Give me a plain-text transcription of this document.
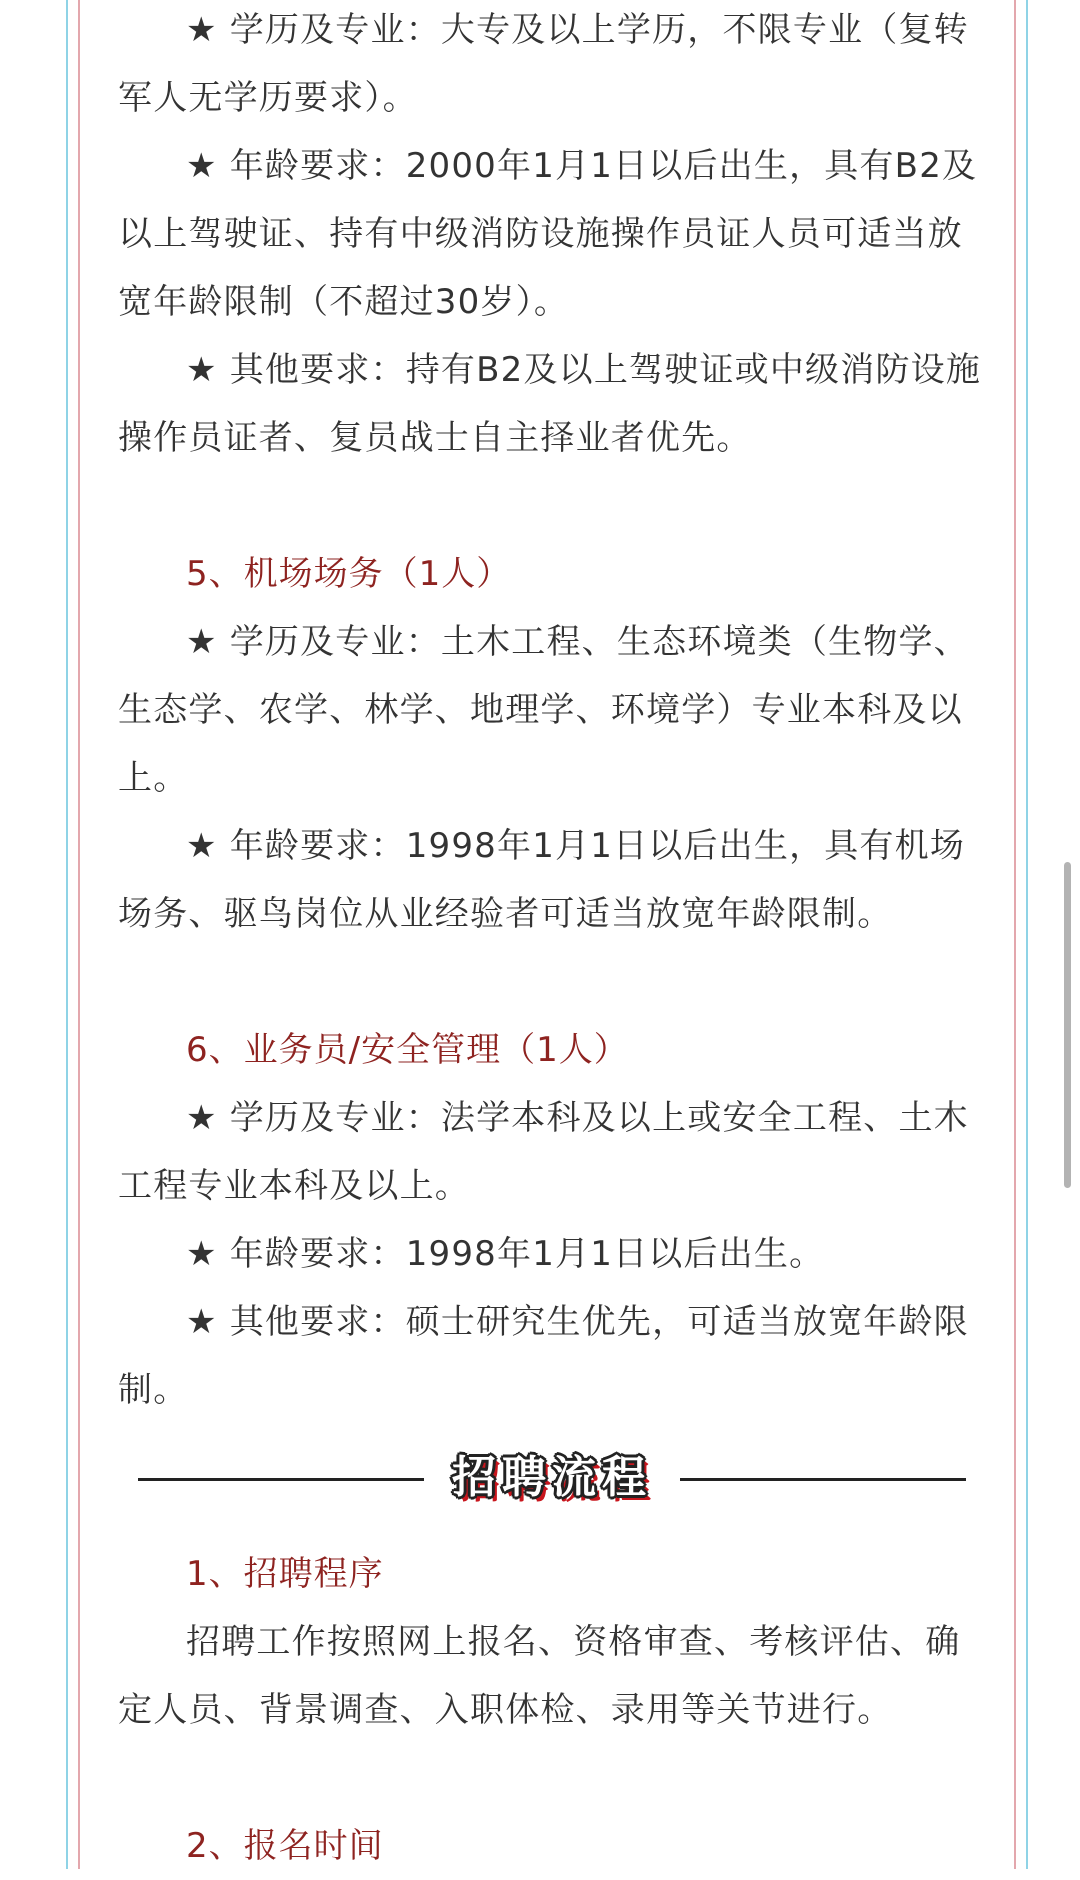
★ 学历及专业：大专及以上学历，不限专业（复转军人无学历要求）。

★ 年龄要求：2000年1月1日以后出生，具有B2及以上驾驶证、持有中级消防设施操作员证人员可适当放宽年龄限制（不超过30岁）。

★ 其他要求：持有B2及以上驾驶证或中级消防设施操作员证者、复员战士自主择业者优先。

5、机场场务（1人）

★ 学历及专业：土木工程、生态环境类（生物学、生态学、农学、林学、地理学、环境学）专业本科及以上。

★ 年龄要求：1998年1月1日以后出生，具有机场场务、驱鸟岗位从业经验者可适当放宽年龄限制。

6、业务员/安全管理（1人）

★ 学历及专业：法学本科及以上或安全工程、土木工程专业本科及以上。

★ 年龄要求：1998年1月1日以后出生。

★ 其他要求：硕士研究生优先，可适当放宽年龄限制。

招聘流程
1、招聘程序

招聘工作按照网上报名、资格审查、考核评估、确定人员、背景调查、入职体检、录用等关节进行。

2、报名时间
